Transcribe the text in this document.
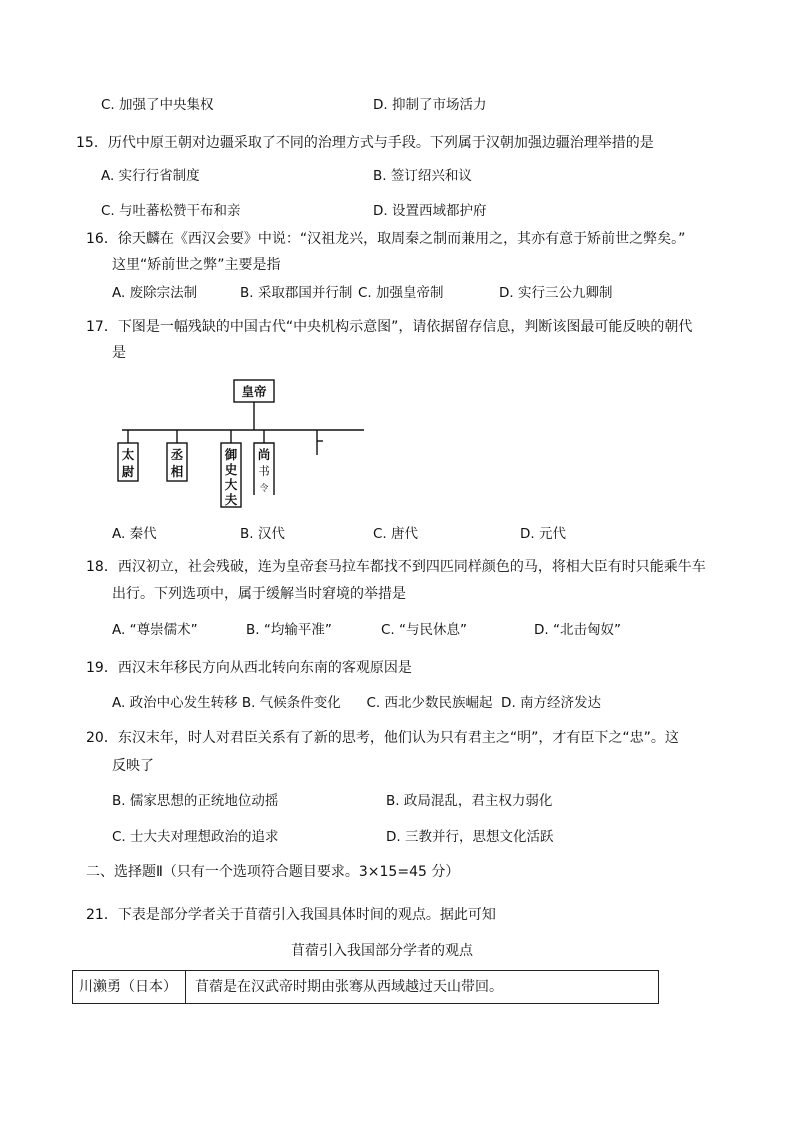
C. 加强了中央集权	D. 抑制了市场活力
15．历代中原王朝对边疆采取了不同的治理方式与手段。下列属于汉朝加强边疆治理举措的是
A. 实行行省制度	B. 签订绍兴和议
C. 与吐蕃松赞干布和亲	D. 设置西域都护府
16．徐天麟在《西汉会要》中说：“汉祖龙兴，取周秦之制而兼用之，其亦有意于矫前世之弊矣。”
这里“矫前世之弊”主要是指
A. 废除宗法制	B. 采取郡国并行制 C. 加强皇帝制	D. 实行三公九卿制
17．下图是一幅残缺的中国古代“中央机构示意图”，请依据留存信息，判断该图最可能反映的朝代
是
皇帝
太
尉
丞
相
御
史
大
夫
尚
书
令
A. 秦代	B. 汉代	C. 唐代	D. 元代
18．西汉初立，社会残破，连为皇帝套马拉车都找不到四匹同样颜色的马，将相大臣有时只能乘牛车
出行。下列选项中，属于缓解当时窘境的举措是
A. “尊崇儒术”	B. “均输平准”	C. “与民休息”	D. “北击匈奴”
19．西汉末年移民方向从西北转向东南的客观原因是
A. 政治中心发生转移 B. 气候条件变化      C. 西北少数民族崛起  D. 南方经济发达
20．东汉末年，时人对君臣关系有了新的思考，他们认为只有君主之“明”，才有臣下之“忠”。这
反映了
B. 儒家思想的正统地位动摇	B. 政局混乱，君主权力弱化
C. 士大夫对理想政治的追求	D. 三教并行，思想文化活跃
二、选择题Ⅱ（只有一个选项符合题目要求。3×15=45 分）
21．下表是部分学者关于苜蓿引入我国具体时间的观点。据此可知
苜蓿引入我国部分学者的观点
川濑勇（日本）	苜蓿是在汉武帝时期由张骞从西域越过天山带回。
